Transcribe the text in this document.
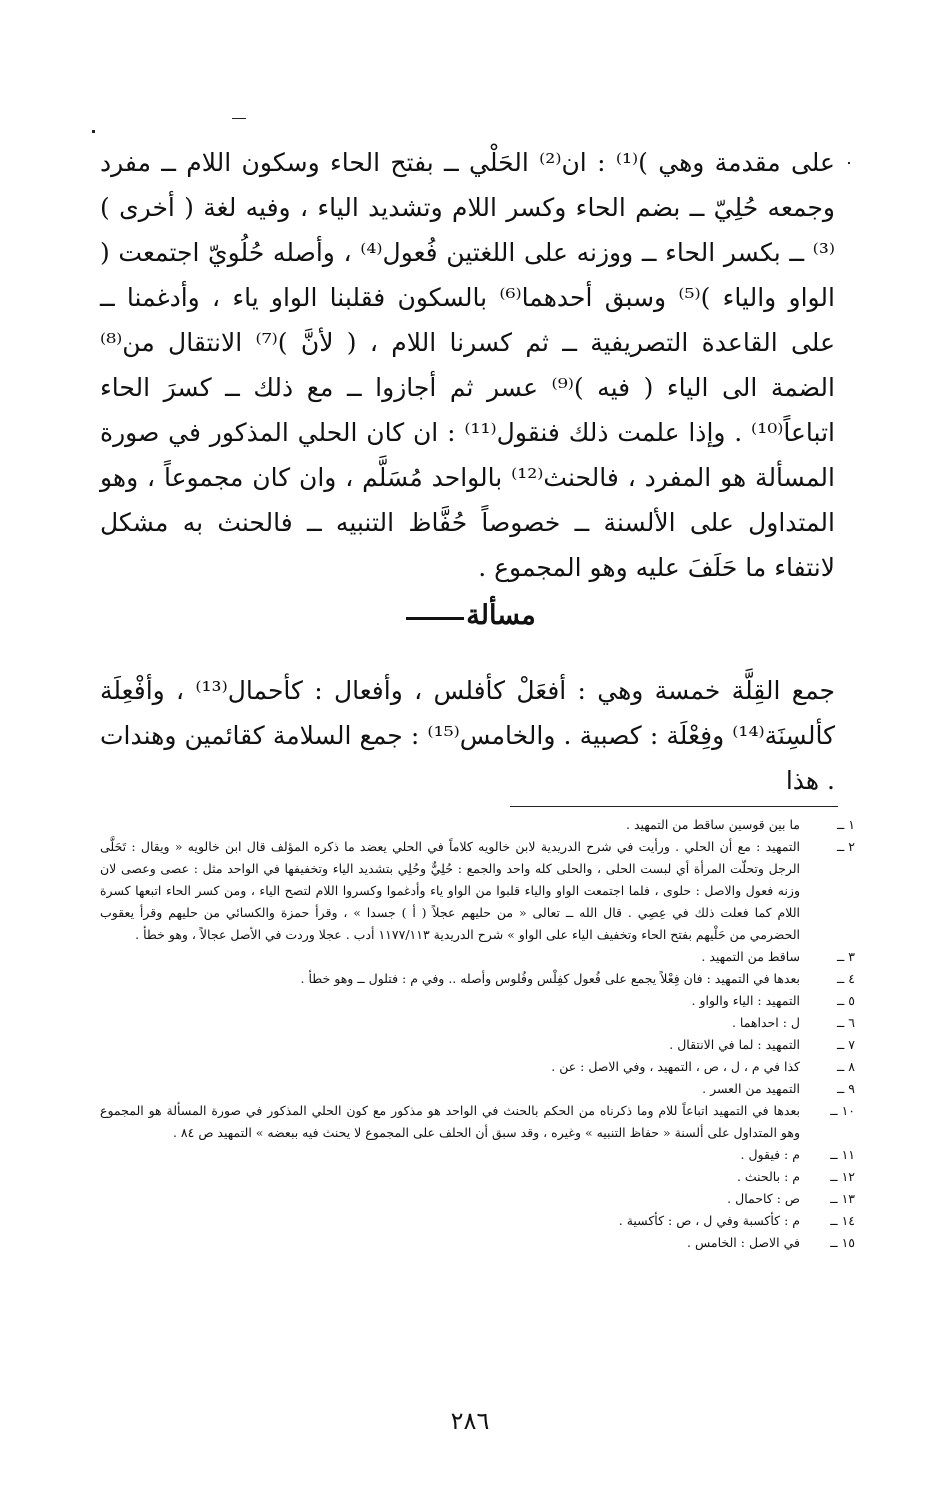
على مقدمة وهي )⁽¹⁾ : ان⁽²⁾ الحَلْي ــ بفتح الحاء وسكون اللام ــ مفرد وجمعه حُلِيّ ــ بضم الحاء وكسر اللام وتشديد الياء ، وفيه لغة ( أخرى )⁽³⁾ ــ بكسر الحاء ــ ووزنه على اللغتين فُعول⁽⁴⁾ ، وأصله حُلُويّ اجتمعت ( الواو والياء )⁽⁵⁾ وسبق أحدهما⁽⁶⁾ بالسكون فقلبنا الواو ياء ، وأدغمنا ــ على القاعدة التصريفية ــ ثم كسرنا اللام ، ( لأنَّ )⁽⁷⁾ الانتقال من⁽⁸⁾ الضمة الى الياء ( فيه )⁽⁹⁾ عسر ثم أجازوا ــ مع ذلك ــ كسرَ الحاء اتباعاً⁽¹⁰⁾ . وإذا علمت ذلك فنقول⁽¹¹⁾ : ان كان الحلي المذكور في صورة المسألة هو المفرد ، فالحنث⁽¹²⁾ بالواحد مُسَلَّم ، وان كان مجموعاً ، وهو المتداول على الألسنة ــ خصوصاً حُفَّاظ التنبيه ــ فالحنث به مشكل لانتفاء ما حَلَفَ عليه وهو المجموع .

مسألة

جمع القِلَّة خمسة وهي : أفعَلْ كأفلس ، وأفعال : كأحمال⁽¹³⁾ ، وأفْعِلَة كألسِنَة⁽¹⁴⁾ وفِعْلَة : كصبية . والخامس⁽¹⁵⁾ : جمع السلامة كقائمين وهندات . هذا

١ ــ
ما بين قوسين ساقط من التمهيد .
٢ ــ
التمهيد : مع أن الحلي . ورأيت في شرح الدريدية لابن خالويه كلاماً في الحلي يعضد ما ذكره المؤلف قال ابن خالويه « ويقال : تَحَلَّى الرجل وتحلّت المرأة أي لبست الحلى ، والحلى كله واحد والجمع : حُلِيٌّ وحُلِي بتشديد الياء وتخفيفها في الواحد مثل : عصى وعصى لان وزنه فعول والاصل : حلوى ، فلما اجتمعت الواو والياء قلبوا من الواو ياء وأدغموا وكسروا اللام لتصح الياء ، ومن كسر الحاء اتبعها كسرة اللام كما فعلت ذلك في عِصِي . قال الله ــ تعالى « من حليهم عجلاً ( أ ) جسدا » ، وقرأ حمزة والكسائي من حليهم وقرأ يعقوب الحضرمي من حَلْيهم بفتح الحاء وتخفيف الياء على الواو » شرح الدريدية ١١٧٧/١١٣ أدب . عجلا وردت في الأصل عجالاً ، وهو خطأ .
٣ ــ
ساقط من التمهيد .
٤ ــ
بعدها في التمهيد : فان فِعْلاً يجمع على فُعول كفِلْس وفُلوس وأصله .. وفي م : فتلول ــ وهو خطأ .
٥ ــ
التمهيد : الياء والواو .
٦ ــ
ل : احداهما .
٧ ــ
التمهيد : لما في الانتقال .
٨ ــ
كذا في م ، ل ، ص ، التمهيد ، وفي الاصل : عن .
٩ ــ
التمهيد من العسر .
١٠ ــ
بعدها في التمهيد اتباعاً للام وما ذكرناه من الحكم بالحنث في الواحد هو مذكور مع كون الحلي المذكور في صورة المسألة هو المجموع وهو المتداول على ألسنة « حفاظ التنبيه » وغيره ، وقد سبق أن الحلف على المجموع لا يحنث فيه ببعضه » التمهيد ص ٨٤ .
١١ ــ
م : فيقول .
١٢ ــ
م : بالحنث .
١٣ ــ
ص : كاحمال .
١٤ ــ
م : كأكسبة وفي ل ، ص : كأكسية .
١٥ ــ
في الاصل : الخامس .
٢٨٦
